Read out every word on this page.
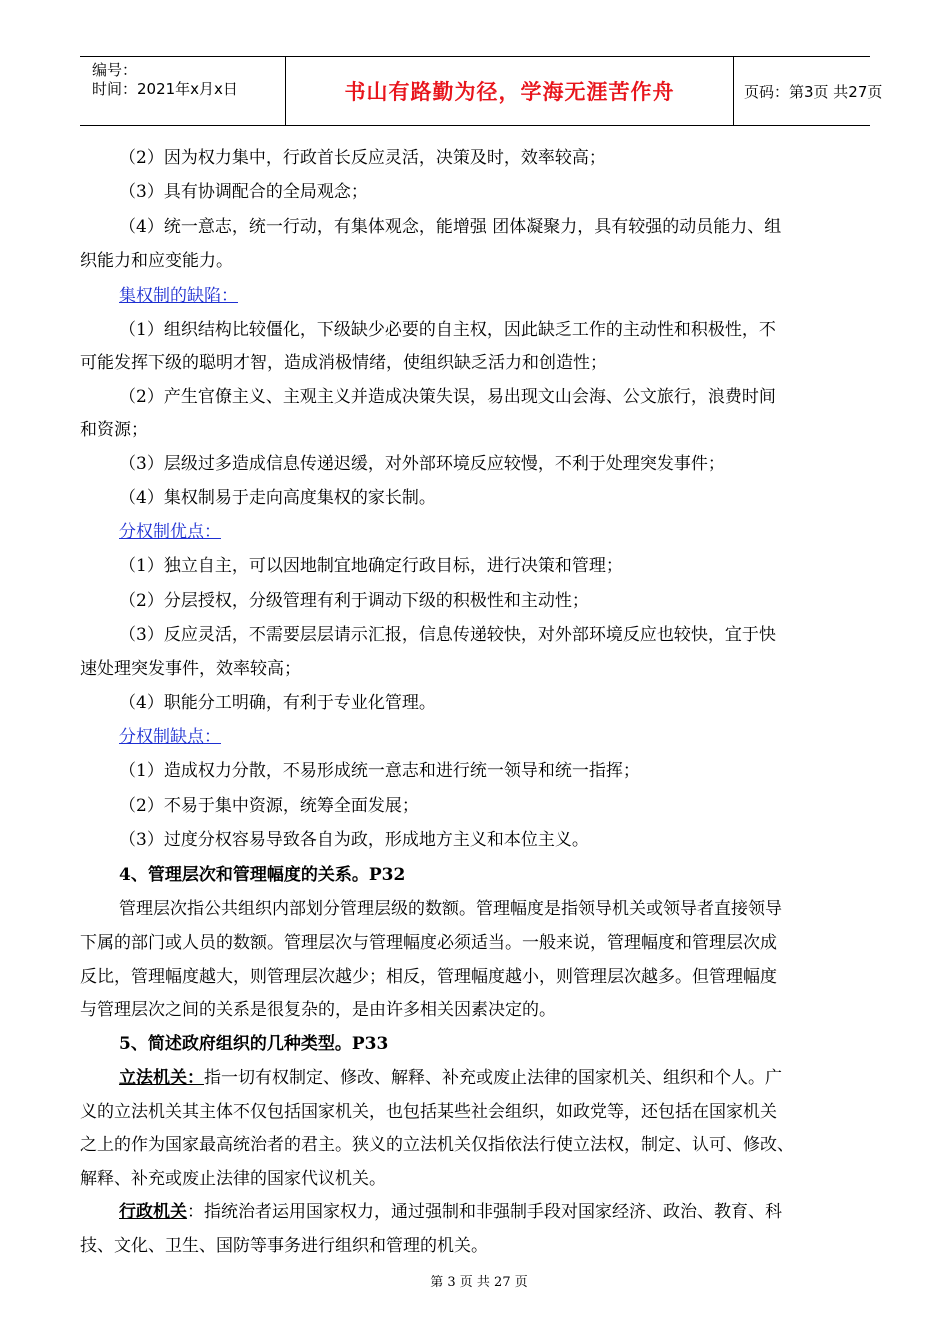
编号：
时间：2021年x月x日	书山有路勤为径，学海无涯苦作舟	页码：第3页 共27页
（2）因为权力集中，行政首长反应灵活，决策及时，效率较高；
（3）具有协调配合的全局观念；
（4）统一意志，统一行动，有集体观念，能增强 团体凝聚力，具有较强的动员能力、组
织能力和应变能力。
集权制的缺陷：
（1）组织结构比较僵化，下级缺少必要的自主权，因此缺乏工作的主动性和积极性，不
可能发挥下级的聪明才智，造成消极情绪，使组织缺乏活力和创造性；
（2）产生官僚主义、主观主义并造成决策失误，易出现文山会海、公文旅行，浪费时间
和资源；
（3）层级过多造成信息传递迟缓，对外部环境反应较慢，不利于处理突发事件；
（4）集权制易于走向高度集权的家长制。
分权制优点：
（1）独立自主，可以因地制宜地确定行政目标，进行决策和管理；
（2）分层授权，分级管理有利于调动下级的积极性和主动性；
（3）反应灵活，不需要层层请示汇报，信息传递较快，对外部环境反应也较快，宜于快
速处理突发事件，效率较高；
（4）职能分工明确，有利于专业化管理。
分权制缺点：
（1）造成权力分散，不易形成统一意志和进行统一领导和统一指挥；
（2）不易于集中资源，统筹全面发展；
（3）过度分权容易导致各自为政，形成地方主义和本位主义。
4、管理层次和管理幅度的关系。P32
管理层次指公共组织内部划分管理层级的数额。管理幅度是指领导机关或领导者直接领导
下属的部门或人员的数额。管理层次与管理幅度必须适当。一般来说，管理幅度和管理层次成
反比，管理幅度越大，则管理层次越少；相反，管理幅度越小，则管理层次越多。但管理幅度
与管理层次之间的关系是很复杂的，是由许多相关因素决定的。
5、简述政府组织的几种类型。P33
立法机关：指一切有权制定、修改、解释、补充或废止法律的国家机关、组织和个人。广
义的立法机关其主体不仅包括国家机关，也包括某些社会组织，如政党等，还包括在国家机关
之上的作为国家最高统治者的君主。狭义的立法机关仅指依法行使立法权，制定、认可、修改、
解释、补充或废止法律的国家代议机关。
行政机关：指统治者运用国家权力，通过强制和非强制手段对国家经济、政治、教育、科
技、文化、卫生、国防等事务进行组织和管理的机关。
第 3 页 共 27 页
